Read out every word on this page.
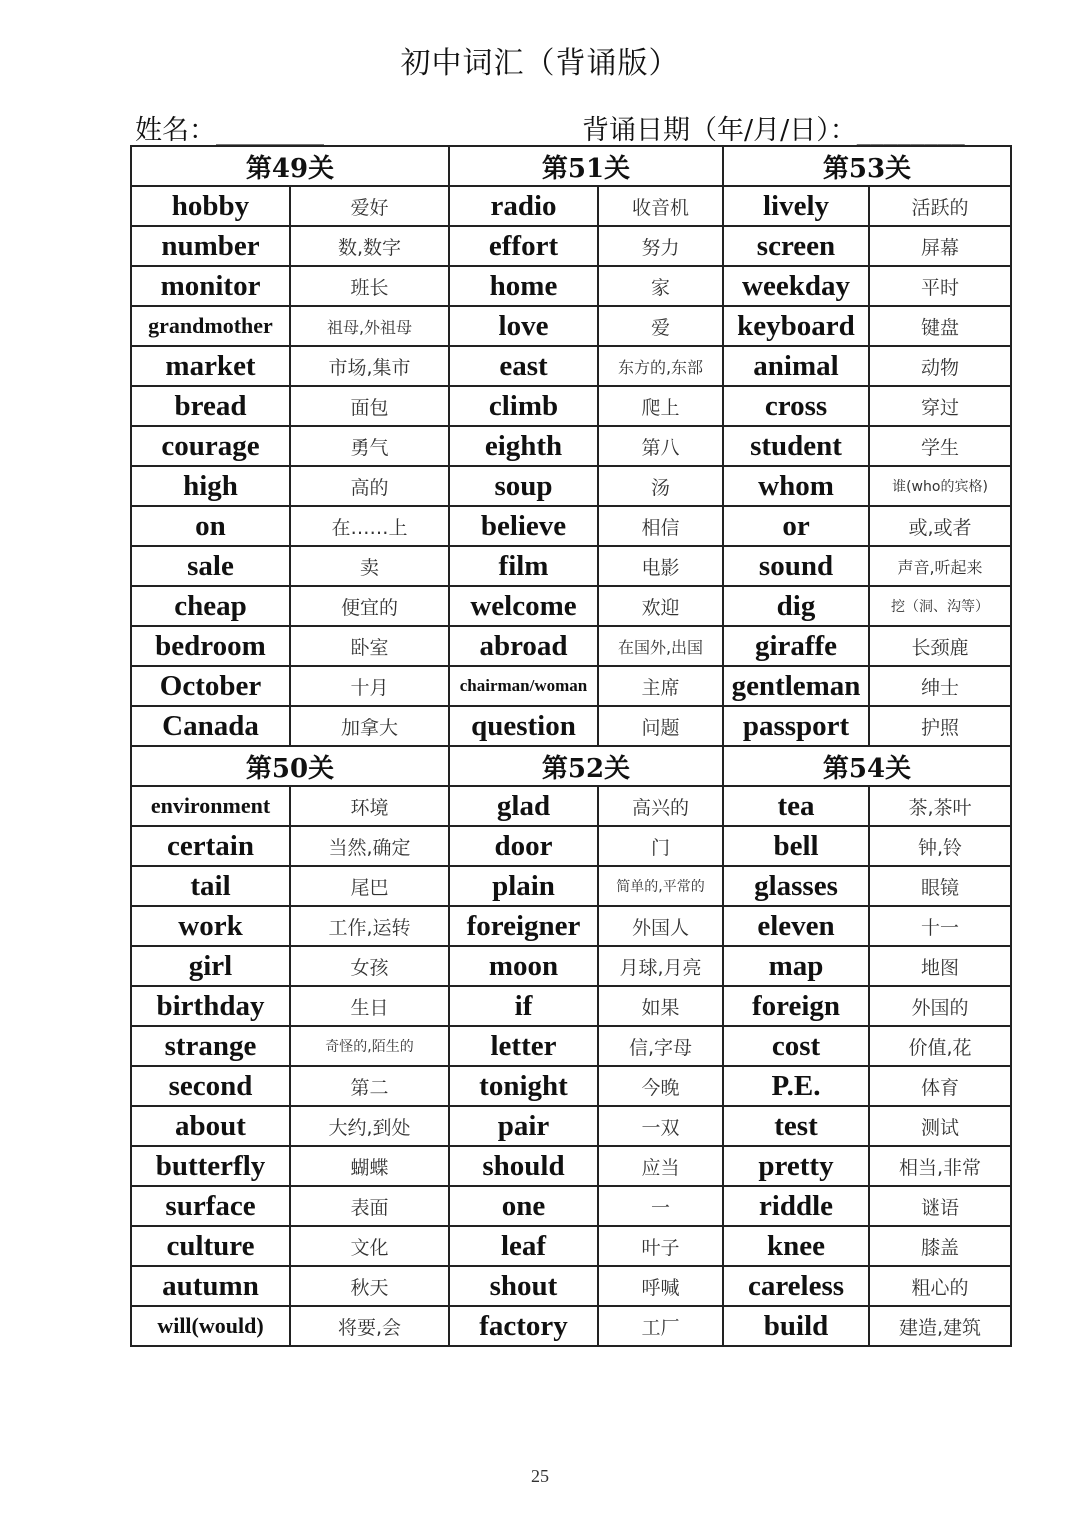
初中词汇（背诵版）
姓名：________	背诵日期（年/月/日）：________
第49关		第51关		第53关	
hobby	爱好	radio	收音机	lively	活跃的
number	数,数字	effort	努力	screen	屏幕
monitor	班长	home	家	weekday	平时
grandmother	祖母,外祖母	love	爱	keyboard	键盘
market	市场,集市	east	东方的,东部	animal	动物
bread	面包	climb	爬上	cross	穿过
courage	勇气	eighth	第八	student	学生
high	高的	soup	汤	whom	谁(who的宾格)
on	在……上	believe	相信	or	或,或者
sale	卖	film	电影	sound	声音,听起来
cheap	便宜的	welcome	欢迎	dig	挖（洞、沟等）
bedroom	卧室	abroad	在国外,出国	giraffe	长颈鹿
October	十月	chairman/woman	主席	gentleman	绅士
Canada	加拿大	question	问题	passport	护照
第50关		第52关		第54关	
environment	环境	glad	高兴的	tea	茶,茶叶
certain	当然,确定	door	门	bell	钟,铃
tail	尾巴	plain	简单的,平常的	glasses	眼镜
work	工作,运转	foreigner	外国人	eleven	十一
girl	女孩	moon	月球,月亮	map	地图
birthday	生日	if	如果	foreign	外国的
strange	奇怪的,陌生的	letter	信,字母	cost	价值,花
second	第二	tonight	今晚	P.E.	体育
about	大约,到处	pair	一双	test	测试
butterfly	蝴蝶	should	应当	pretty	相当,非常
surface	表面	one	一	riddle	谜语
culture	文化	leaf	叶子	knee	膝盖
autumn	秋天	shout	呼喊	careless	粗心的
will(would)	将要,会	factory	工厂	build	建造,建筑
25
